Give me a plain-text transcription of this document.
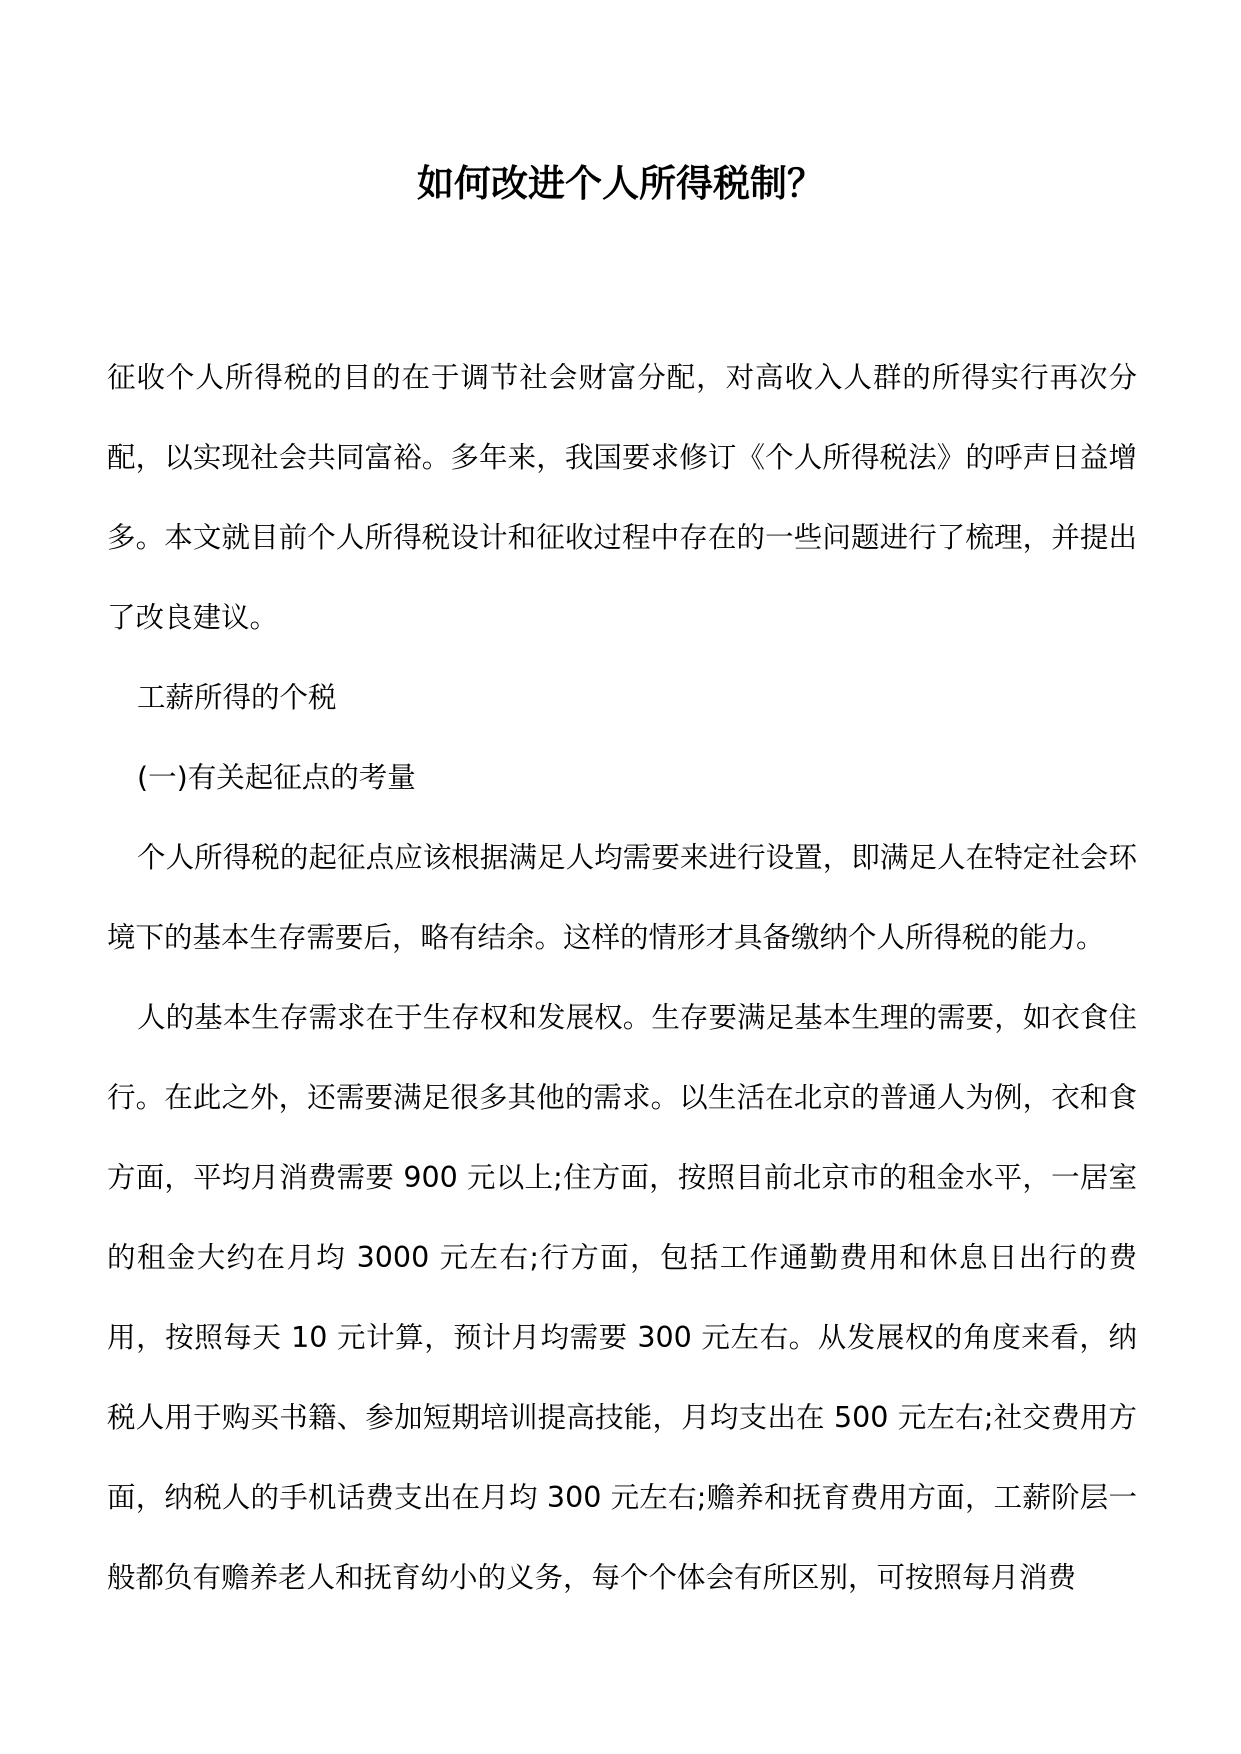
如何改进个人所得税制？

征收个人所得税的目的在于调节社会财富分配，对高收入人群的所得实行再次分配，以实现社会共同富裕。多年来，我国要求修订《个人所得税法》的呼声日益增多。本文就目前个人所得税设计和征收过程中存在的一些问题进行了梳理，并提出了改良建议。

工薪所得的个税

(一)有关起征点的考量

个人所得税的起征点应该根据满足人均需要来进行设置，即满足人在特定社会环境下的基本生存需要后，略有结余。这样的情形才具备缴纳个人所得税的能力。

人的基本生存需求在于生存权和发展权。生存要满足基本生理的需要，如衣食住行。在此之外，还需要满足很多其他的需求。以生活在北京的普通人为例，衣和食方面，平均月消费需要 900 元以上;住方面，按照目前北京市的租金水平，一居室的租金大约在月均 3000 元左右;行方面，包括工作通勤费用和休息日出行的费用，按照每天 10 元计算，预计月均需要 300 元左右。从发展权的角度来看，纳税人用于购买书籍、参加短期培训提高技能，月均支出在 500 元左右;社交费用方面，纳税人的手机话费支出在月均 300 元左右;赡养和抚育费用方面，工薪阶层一般都负有赡养老人和抚育幼小的义务，每个个体会有所区别，可按照每月消费
